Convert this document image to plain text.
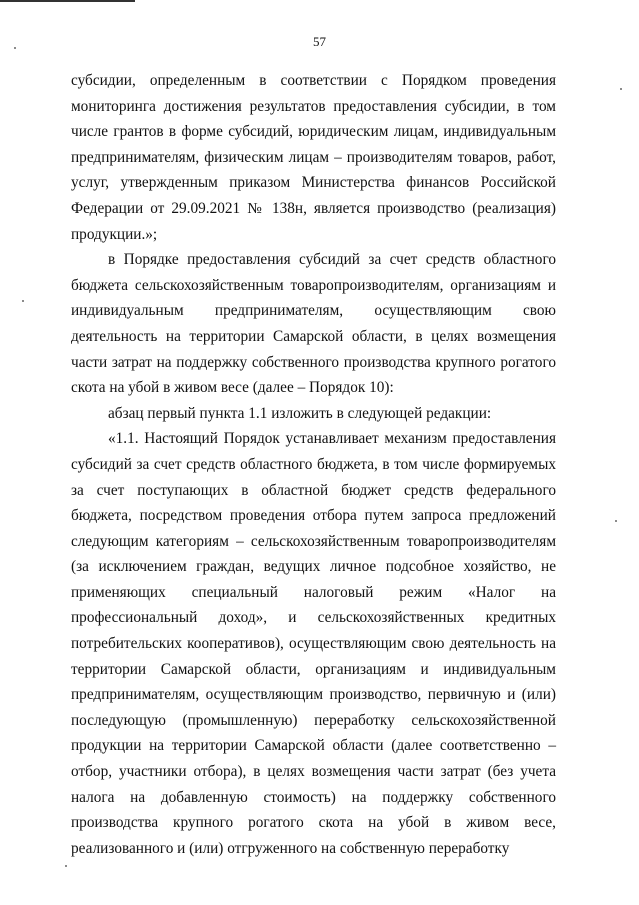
57

субсидии, определенным в соответствии с Порядком проведения мониторинга достижения результатов предоставления субсидии, в том числе грантов в форме субсидий, юридическим лицам, индивидуальным предпринимателям, физическим лицам – производителям товаров, работ, услуг, утвержденным приказом Министерства финансов Российской Федерации от 29.09.2021 № 138н, является производство (реализация) продукции.»;

в Порядке предоставления субсидий за счет средств областного бюджета сельскохозяйственным товаропроизводителям, организациям и индивидуальным предпринимателям, осуществляющим свою деятельность на территории Самарской области, в целях возмещения части затрат на поддержку собственного производства крупного рогатого скота на убой в живом весе (далее – Порядок 10):

абзац первый пункта 1.1 изложить в следующей редакции:

«1.1. Настоящий Порядок устанавливает механизм предоставления субсидий за счет средств областного бюджета, в том числе формируемых за счет поступающих в областной бюджет средств федерального бюджета, посредством проведения отбора путем запроса предложений следующим категориям – сельскохозяйственным товаропроизводителям (за исключением граждан, ведущих личное подсобное хозяйство, не применяющих специальный налоговый режим «Налог на профессиональный доход», и сельскохозяйственных кредитных потребительских кооперативов), осуществляющим свою деятельность на территории Самарской области, организациям и индивидуальным предпринимателям, осуществляющим производство, первичную и (или) последующую (промышленную) переработку сельскохозяйственной продукции на территории Самарской области (далее соответственно – отбор, участники отбора), в целях возмещения части затрат (без учета налога на добавленную стоимость) на поддержку собственного производства крупного рогатого скота на убой в живом весе, реализованного и (или) отгруженного на собственную переработку
